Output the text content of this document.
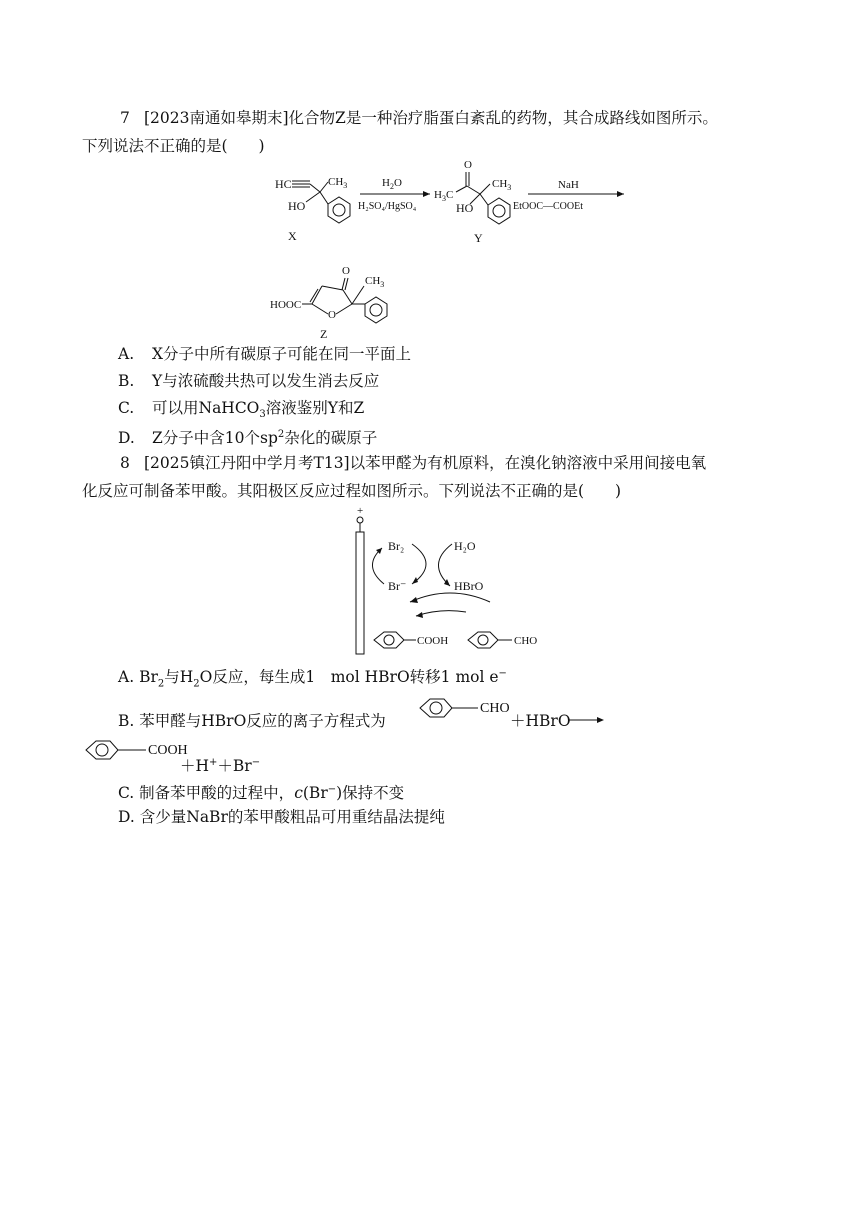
7 [2023南通如皋期末]化合物Z是一种治疗脂蛋白紊乱的药物，其合成路线如图所示。
下列说法不正确的是(　　)
HC	$CH_3$
HO
X
$H_2O$
H₂SO₄/HgSO₄
O
$H_3C$
$CH_3$
HO
Y
NaH
EtOOC—COOEt
O
O
HOOC
$CH_3$
Z
A. X分子中所有碳原子可能在同一平面上
B. Y与浓硫酸共热可以发生消去反应
C. 可以用NaHCO$_3$溶液鉴别Y和Z
D. Z分子中含10个$sp^2$杂化的碳原子
8 [2025镇江丹阳中学月考T13]以苯甲醛为有机原料，在溴化钠溶液中采用间接电氧
化反应可制备苯甲酸。其阳极区反应过程如图所示。下列说法不正确的是(　　)
+
Br₂	H₂O
Br⁻	HBrO
COOH	CHO
A. $Br_2$与$H_2O$反应，每生成1　mol HBrO转移1 mol e−
B. 苯甲醛与HBrO反应的离子方程式为
CHO
＋HBrO
COOH
＋H+＋Br−
C. 制备苯甲酸的过程中，c(Br−)保持不变
D. 含少量NaBr的苯甲酸粗品可用重结晶法提纯
